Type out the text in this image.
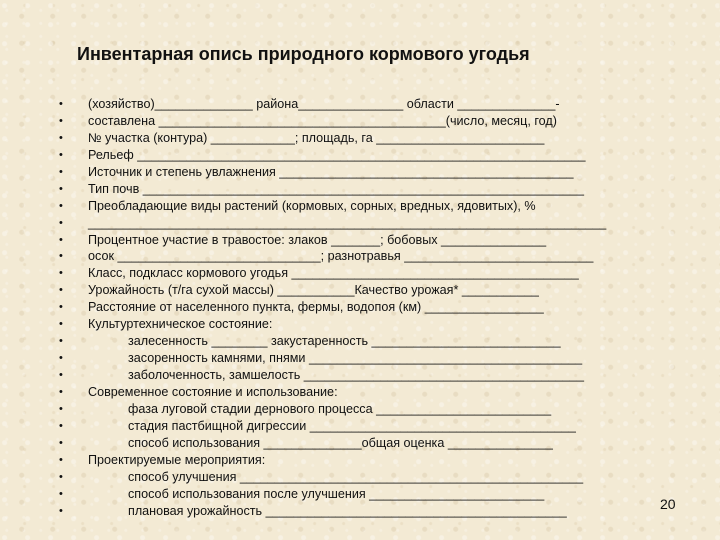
Инвентарная опись природного кормового угодья
• (хозяйство)______________ района_______________ области ______________-
• составлена _________________________________________(число, месяц, год)
• № участка (контура) ____________; площадь, га ________________________
• Рельеф ________________________________________________________________
• Источник и степень увлажнения __________________________________________
• Тип почв _______________________________________________________________
• Преобладающие виды растений (кормовых, сорных, вредных, ядовитых), %
• __________________________________________________________________________
• Процентное участие в травостое: злаков _______; бобовых _______________
• осок _____________________________; разнотравья ___________________________
• Класс, подкласс кормового угодья _________________________________________
• Урожайность (т/га сухой массы) ___________Качество урожая* ___________
• Расстояние от населенного пункта, фермы, водопоя (км) _________________
• Культуртехническое состояние:
•	залесенность ________ закустаренность ___________________________
•	засоренность камнями, пнями _______________________________________
•	заболоченность, замшелость ________________________________________
• Современное состояние и использование:
•	фаза луговой стадии дернового процесса _________________________
•	стадия пастбищной дигрессии ______________________________________
•	способ использования ______________общая оценка _______________
• Проектируемые мероприятия:
•	способ улучшения _________________________________________________
•	способ использования после улучшения _________________________
•	плановая урожайность ___________________________________________	20
